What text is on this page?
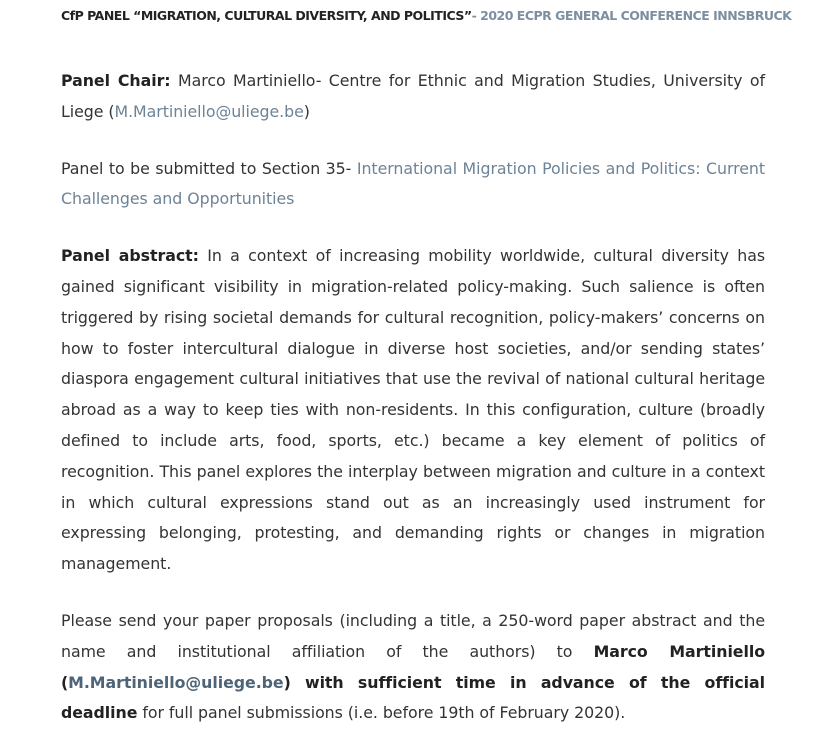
CfP PANEL “MIGRATION, CULTURAL DIVERSITY, AND POLITICS”- 2020 ECPR GENERAL CONFERENCE INNSBRUCK

Panel Chair: Marco Martiniello- Centre for Ethnic and Migration Studies, University of Liege (M.Martiniello@uliege.be)

Panel to be submitted to Section 35- International Migration Policies and Politics: Current Challenges and Opportunities

Panel abstract: In a context of increasing mobility worldwide, cultural diversity has gained significant visibility in migration-related policy-making. Such salience is often triggered by rising societal demands for cultural recognition, policy-makers’ concerns on how to foster intercultural dialogue in diverse host societies, and/or sending states’ diaspora engagement cultural initiatives that use the revival of national cultural heritage abroad as a way to keep ties with non-residents. In this configuration, culture (broadly defined to include arts, food, sports, etc.) became a key element of politics of recognition. This panel explores the interplay between migration and culture in a context in which cultural expressions stand out as an increasingly used instrument for expressing belonging, protesting, and demanding rights or changes in migration management.

Please send your paper proposals (including a title, a 250-word paper abstract and the name and institutional affiliation of the authors) to Marco Martiniello (M.Martiniello@uliege.be) with sufficient time in advance of the official deadline for full panel submissions (i.e. before 19th of February 2020).
